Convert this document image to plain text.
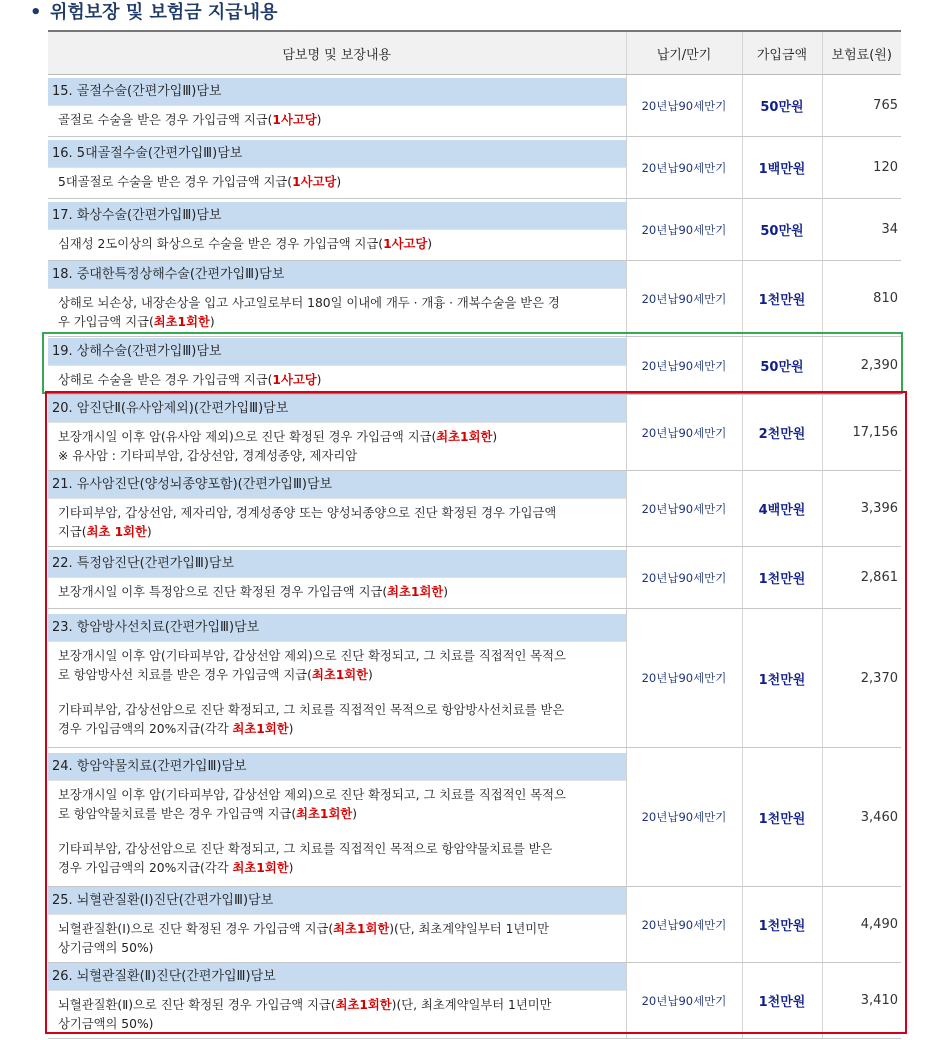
• 위험보장 및 보험금 지급내용
담보명 및 보장내용	납기/만기	가입금액	보험료(원)

15. 골절수술(간편가입Ⅲ)담보
골절로 수술을 받은 경우 가입금액 지급(1사고당)	20년납90세만기	50만원	765

16. 5대골절수술(간편가입Ⅲ)담보
5대골절로 수술을 받은 경우 가입금액 지급(1사고당)	20년납90세만기	1백만원	120

17. 화상수술(간편가입Ⅲ)담보
심재성 2도이상의 화상으로 수술을 받은 경우 가입금액 지급(1사고당)	20년납90세만기	50만원	34

18. 중대한특정상해수술(간편가입Ⅲ)담보
상해로 뇌손상, 내장손상을 입고 사고일로부터 180일 이내에 개두 · 개흉 · 개복수술을 받은 경
우 가입금액 지급(최초1회한)	20년납90세만기	1천만원	810

19. 상해수술(간편가입Ⅲ)담보
상해로 수술을 받은 경우 가입금액 지급(1사고당)	20년납90세만기	50만원	2,390

20. 암진단Ⅱ(유사암제외)(간편가입Ⅲ)담보
보장개시일 이후 암(유사암 제외)으로 진단 확정된 경우 가입금액 지급(최초1회한)
※ 유사암 : 기타피부암, 갑상선암, 경계성종양, 제자리암	20년납90세만기	2천만원	17,156

21. 유사암진단(양성뇌종양포함)(간편가입Ⅲ)담보
기타피부암, 갑상선암, 제자리암, 경계성종양 또는 양성뇌종양으로 진단 확정된 경우 가입금액
지급(최초 1회한)	20년납90세만기	4백만원	3,396

22. 특정암진단(간편가입Ⅲ)담보
보장개시일 이후 특정암으로 진단 확정된 경우 가입금액 지급(최초1회한)	20년납90세만기	1천만원	2,861

23. 항암방사선치료(간편가입Ⅲ)담보
보장개시일 이후 암(기타피부암, 갑상선암 제외)으로 진단 확정되고, 그 치료를 직접적인 목적으
로 항암방사선 치료를 받은 경우 가입금액 지급(최초1회한)
기타피부암, 갑상선암으로 진단 확정되고, 그 치료를 직접적인 목적으로 항암방사선치료를 받은
경우 가입금액의 20%지급(각각 최초1회한)	20년납90세만기	1천만원	2,370

24. 항암약물치료(간편가입Ⅲ)담보
보장개시일 이후 암(기타피부암, 갑상선암 제외)으로 진단 확정되고, 그 치료를 직접적인 목적으
로 항암약물치료를 받은 경우 가입금액 지급(최초1회한)
기타피부암, 갑상선암으로 진단 확정되고, 그 치료를 직접적인 목적으로 항암약물치료를 받은
경우 가입금액의 20%지급(각각 최초1회한)	20년납90세만기	1천만원	3,460

25. 뇌혈관질환(Ⅰ)진단(간편가입Ⅲ)담보
뇌혈관질환(Ⅰ)으로 진단 확정된 경우 가입금액 지급(최초1회한)(단, 최초계약일부터 1년미만
상기금액의 50%)	20년납90세만기	1천만원	4,490

26. 뇌혈관질환(Ⅱ)진단(간편가입Ⅲ)담보
뇌혈관질환(Ⅱ)으로 진단 확정된 경우 가입금액 지급(최초1회한)(단, 최초계약일부터 1년미만
상기금액의 50%)	20년납90세만기	1천만원	3,410
